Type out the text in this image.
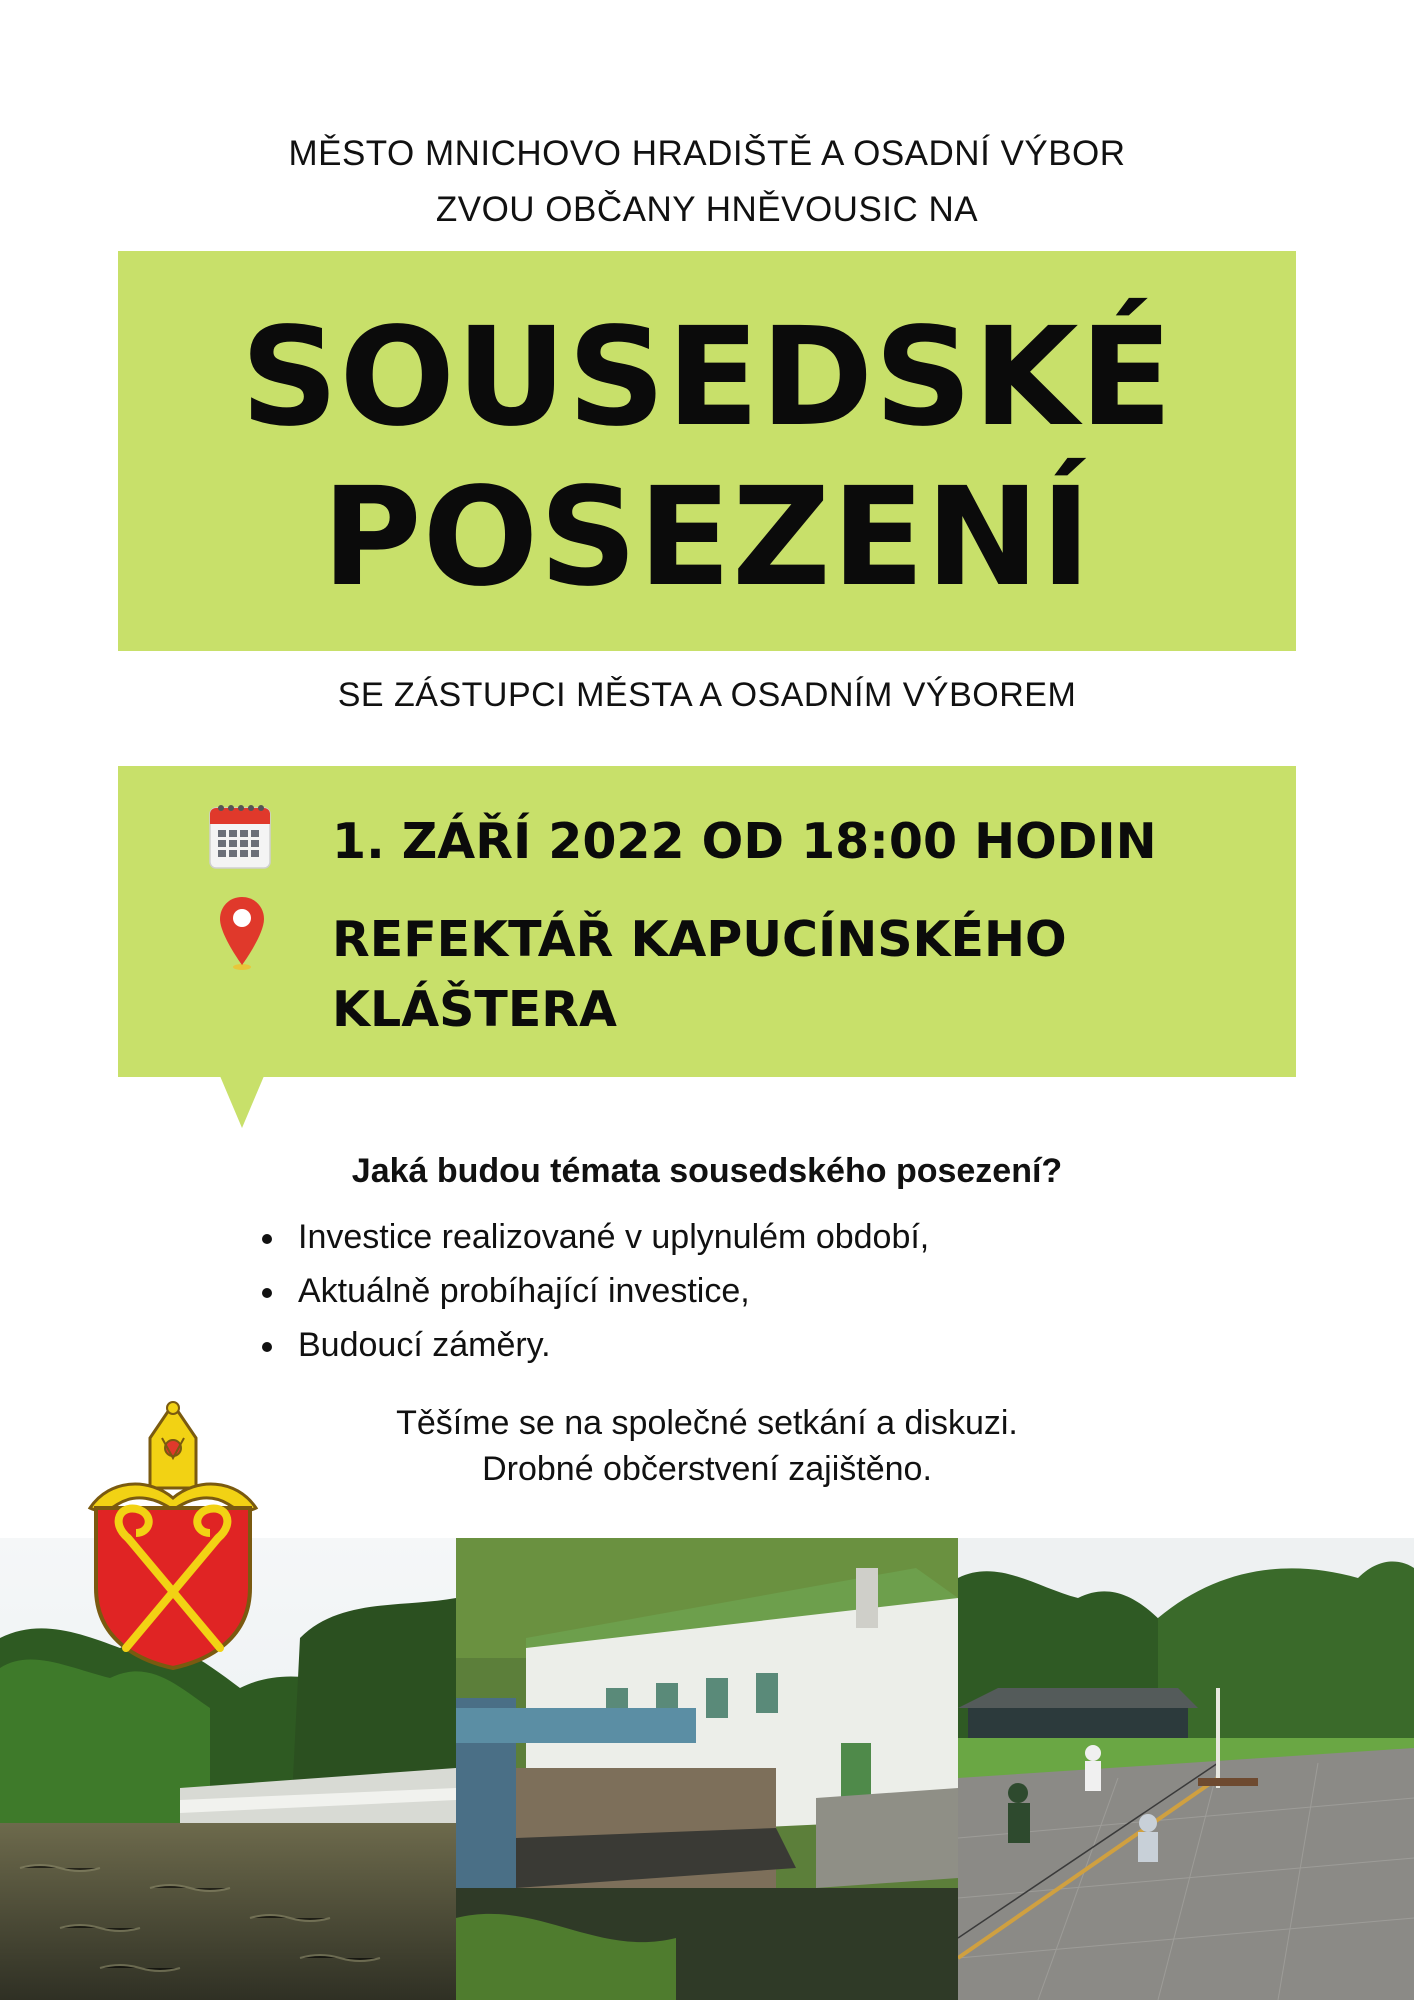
MĚSTO MNICHOVO HRADIŠTĚ A OSADNÍ VÝBOR
ZVOU OBČANY HNĚVOUSIC NA
SOUSEDSKÉ
POSEZENÍ
SE ZÁSTUPCI MĚSTA A OSADNÍM VÝBOREM
1. ZÁŘÍ 2022 OD 18:00 HODIN
REFEKTÁŘ KAPUCÍNSKÉHO
KLÁŠTERA
Jaká budou témata sousedského posezení?
Investice realizované v uplynulém období,
Aktuálně probíhající investice,
Budoucí záměry.
Těšíme se na společné setkání a diskuzi.
Drobné občerstvení zajištěno.
